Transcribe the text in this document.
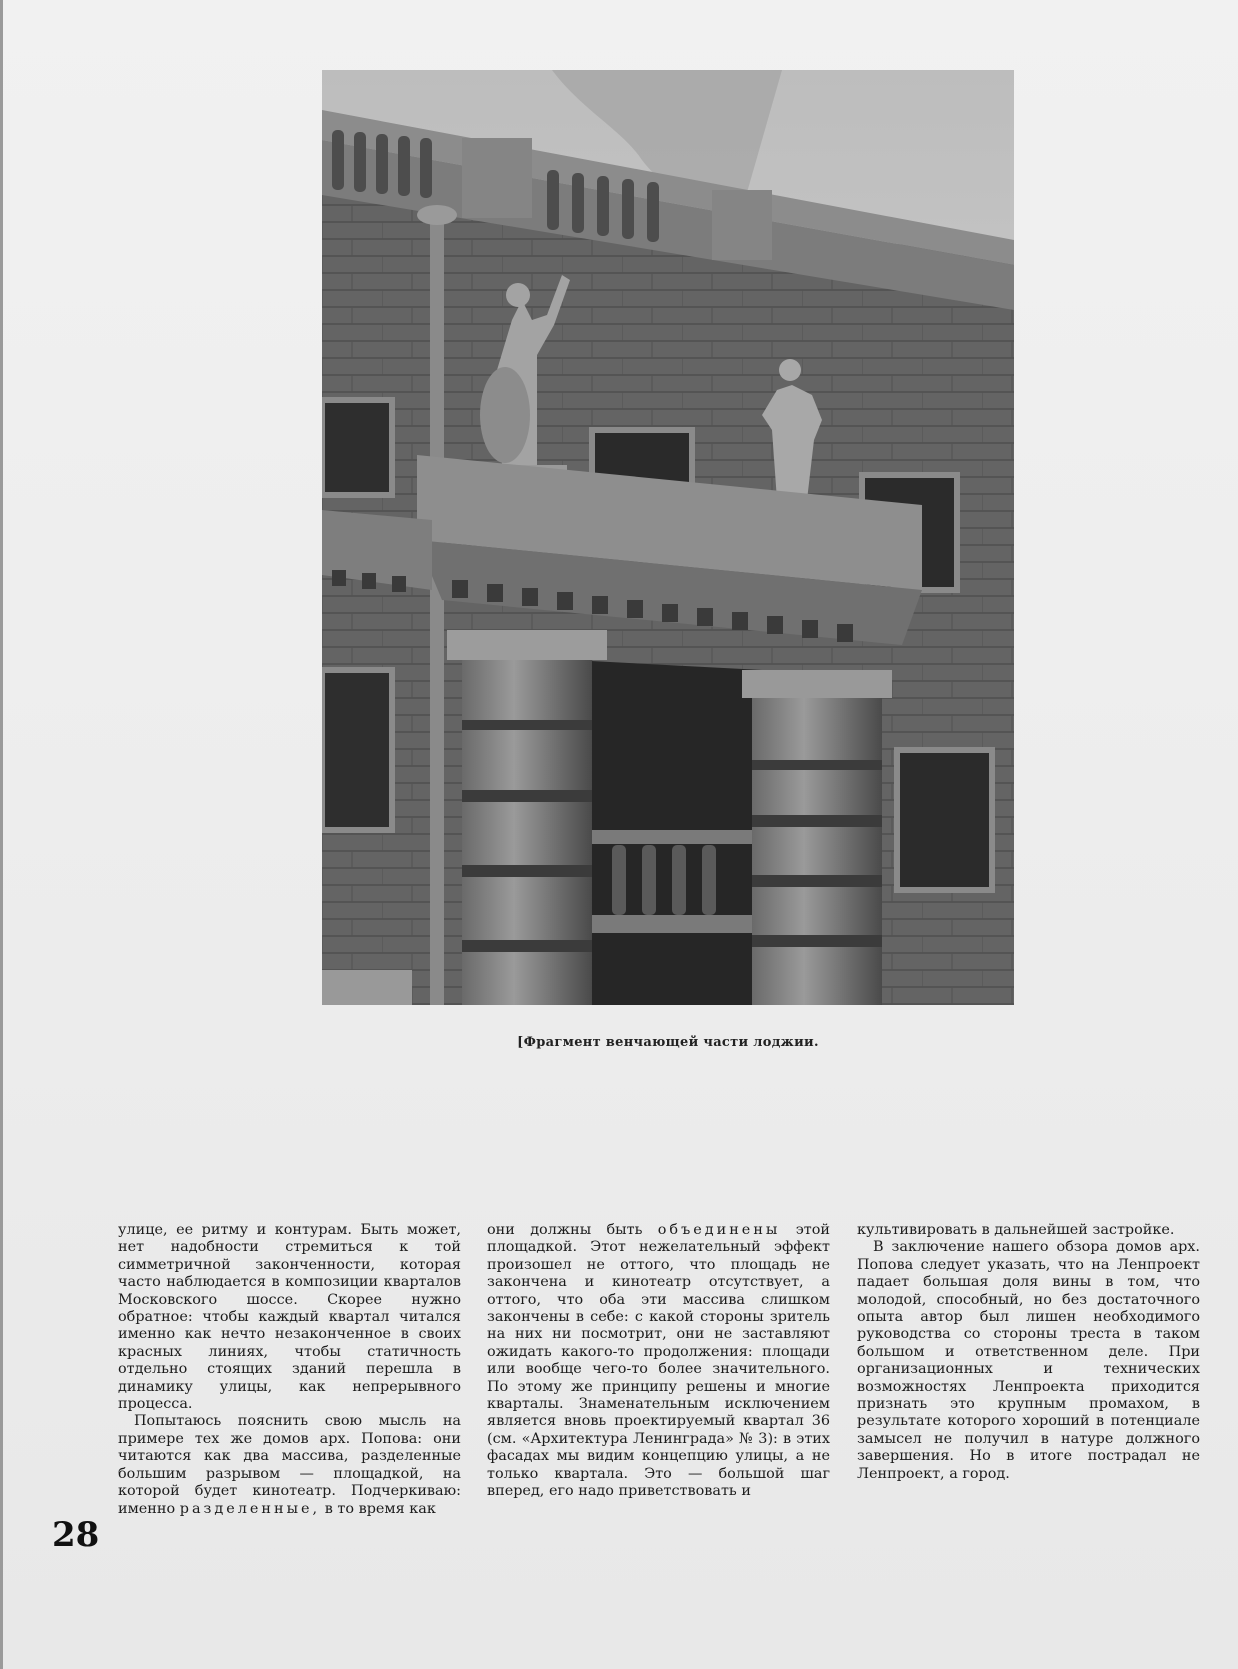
[Фрагмент венчающей части лоджии.

улице, ее ритму и контурам. Быть может, нет надобности стремиться к той симметричной законченности, которая часто наблюдается в композиции кварталов Московского шоссе. Скорее нужно обратное: чтобы каждый квартал читался именно как нечто незаконченное в своих красных линиях, чтобы статичность отдельно стоящих зданий перешла в динамику улицы, как непрерывного процесса.

Попытаюсь пояснить свою мысль на примере тех же домов арх. Попова: они читаются как два массива, разделенные большим разрывом — площадкой, на которой будет кинотеатр. Подчеркиваю: именно разделенные, в то время как

они должны быть объединены этой площадкой. Этот нежелательный эффект произошел не оттого, что площадь не закончена и кинотеатр отсутствует, а оттого, что оба эти массива слишком закончены в себе: с какой стороны зритель на них ни посмотрит, они не заставляют ожидать какого-то продолжения: площади или вообще чего-то более значительного. По этому же принципу решены и многие кварталы. Знаменательным исключением является вновь проектируемый квартал 36 (см. «Архитектура Ленинграда» № 3): в этих фасадах мы видим концепцию улицы, а не только квартала. Это — большой шаг вперед, его надо приветствовать и

культивировать в дальнейшей застройке.

В заключение нашего обзора домов арх. Попова следует указать, что на Ленпроект падает большая доля вины в том, что молодой, способный, но без достаточного опыта автор был лишен необходимого руководства со стороны треста в таком большом и ответственном деле. При организационных и технических возможностях Ленпроекта приходится признать это крупным промахом, в результате которого хороший в потенциале замысел не получил в натуре должного завершения. Но в итоге пострадал не Ленпроект, а город.

28
